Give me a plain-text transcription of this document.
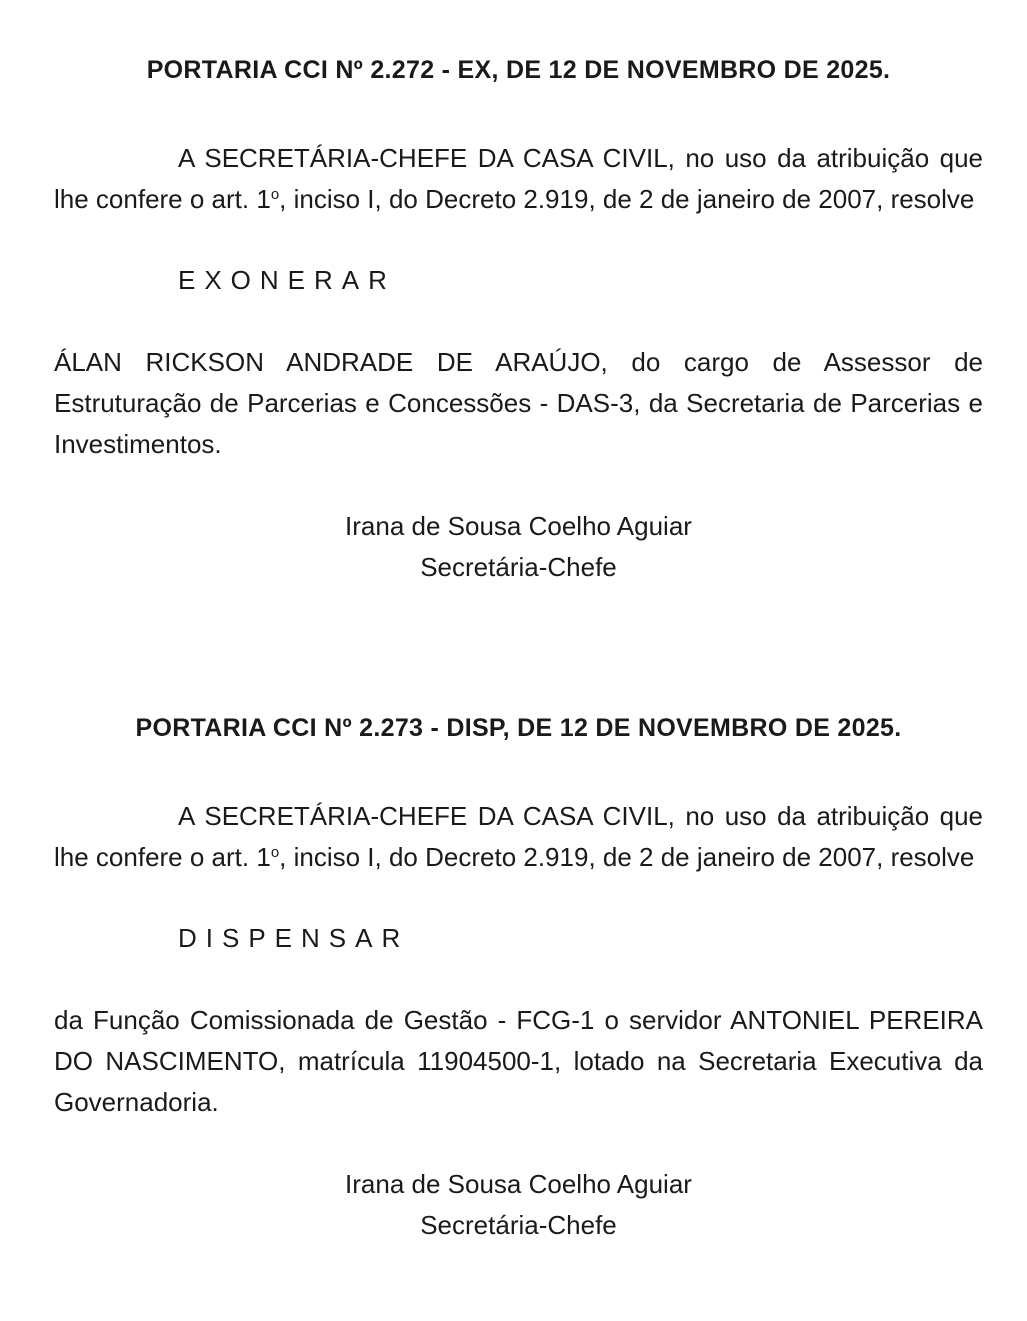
PORTARIA CCI Nº 2.272 - EX, DE 12 DE NOVEMBRO DE 2025.

A SECRETÁRIA-CHEFE DA CASA CIVIL, no uso da atribuição que lhe confere o art. 1$^o$, inciso I, do Decreto 2.919, de 2 de janeiro de 2007, resolve

EXONERAR

ÁLAN RICKSON ANDRADE DE ARAÚJO, do cargo de Assessor de Estruturação de Parcerias e Concessões - DAS-3, da Secretaria de Parcerias e Investimentos.

Irana de Sousa Coelho Aguiar
Secretária-Chefe
PORTARIA CCI Nº 2.273 - DISP, DE 12 DE NOVEMBRO DE 2025.

A SECRETÁRIA-CHEFE DA CASA CIVIL, no uso da atribuição que lhe confere o art. 1$^o$, inciso I, do Decreto 2.919, de 2 de janeiro de 2007, resolve

DISPENSAR

da Função Comissionada de Gestão - FCG-1 o servidor ANTONIEL PEREIRA DO NASCIMENTO, matrícula 11904500-1, lotado na Secretaria Executiva da Governadoria.

Irana de Sousa Coelho Aguiar
Secretária-Chefe
